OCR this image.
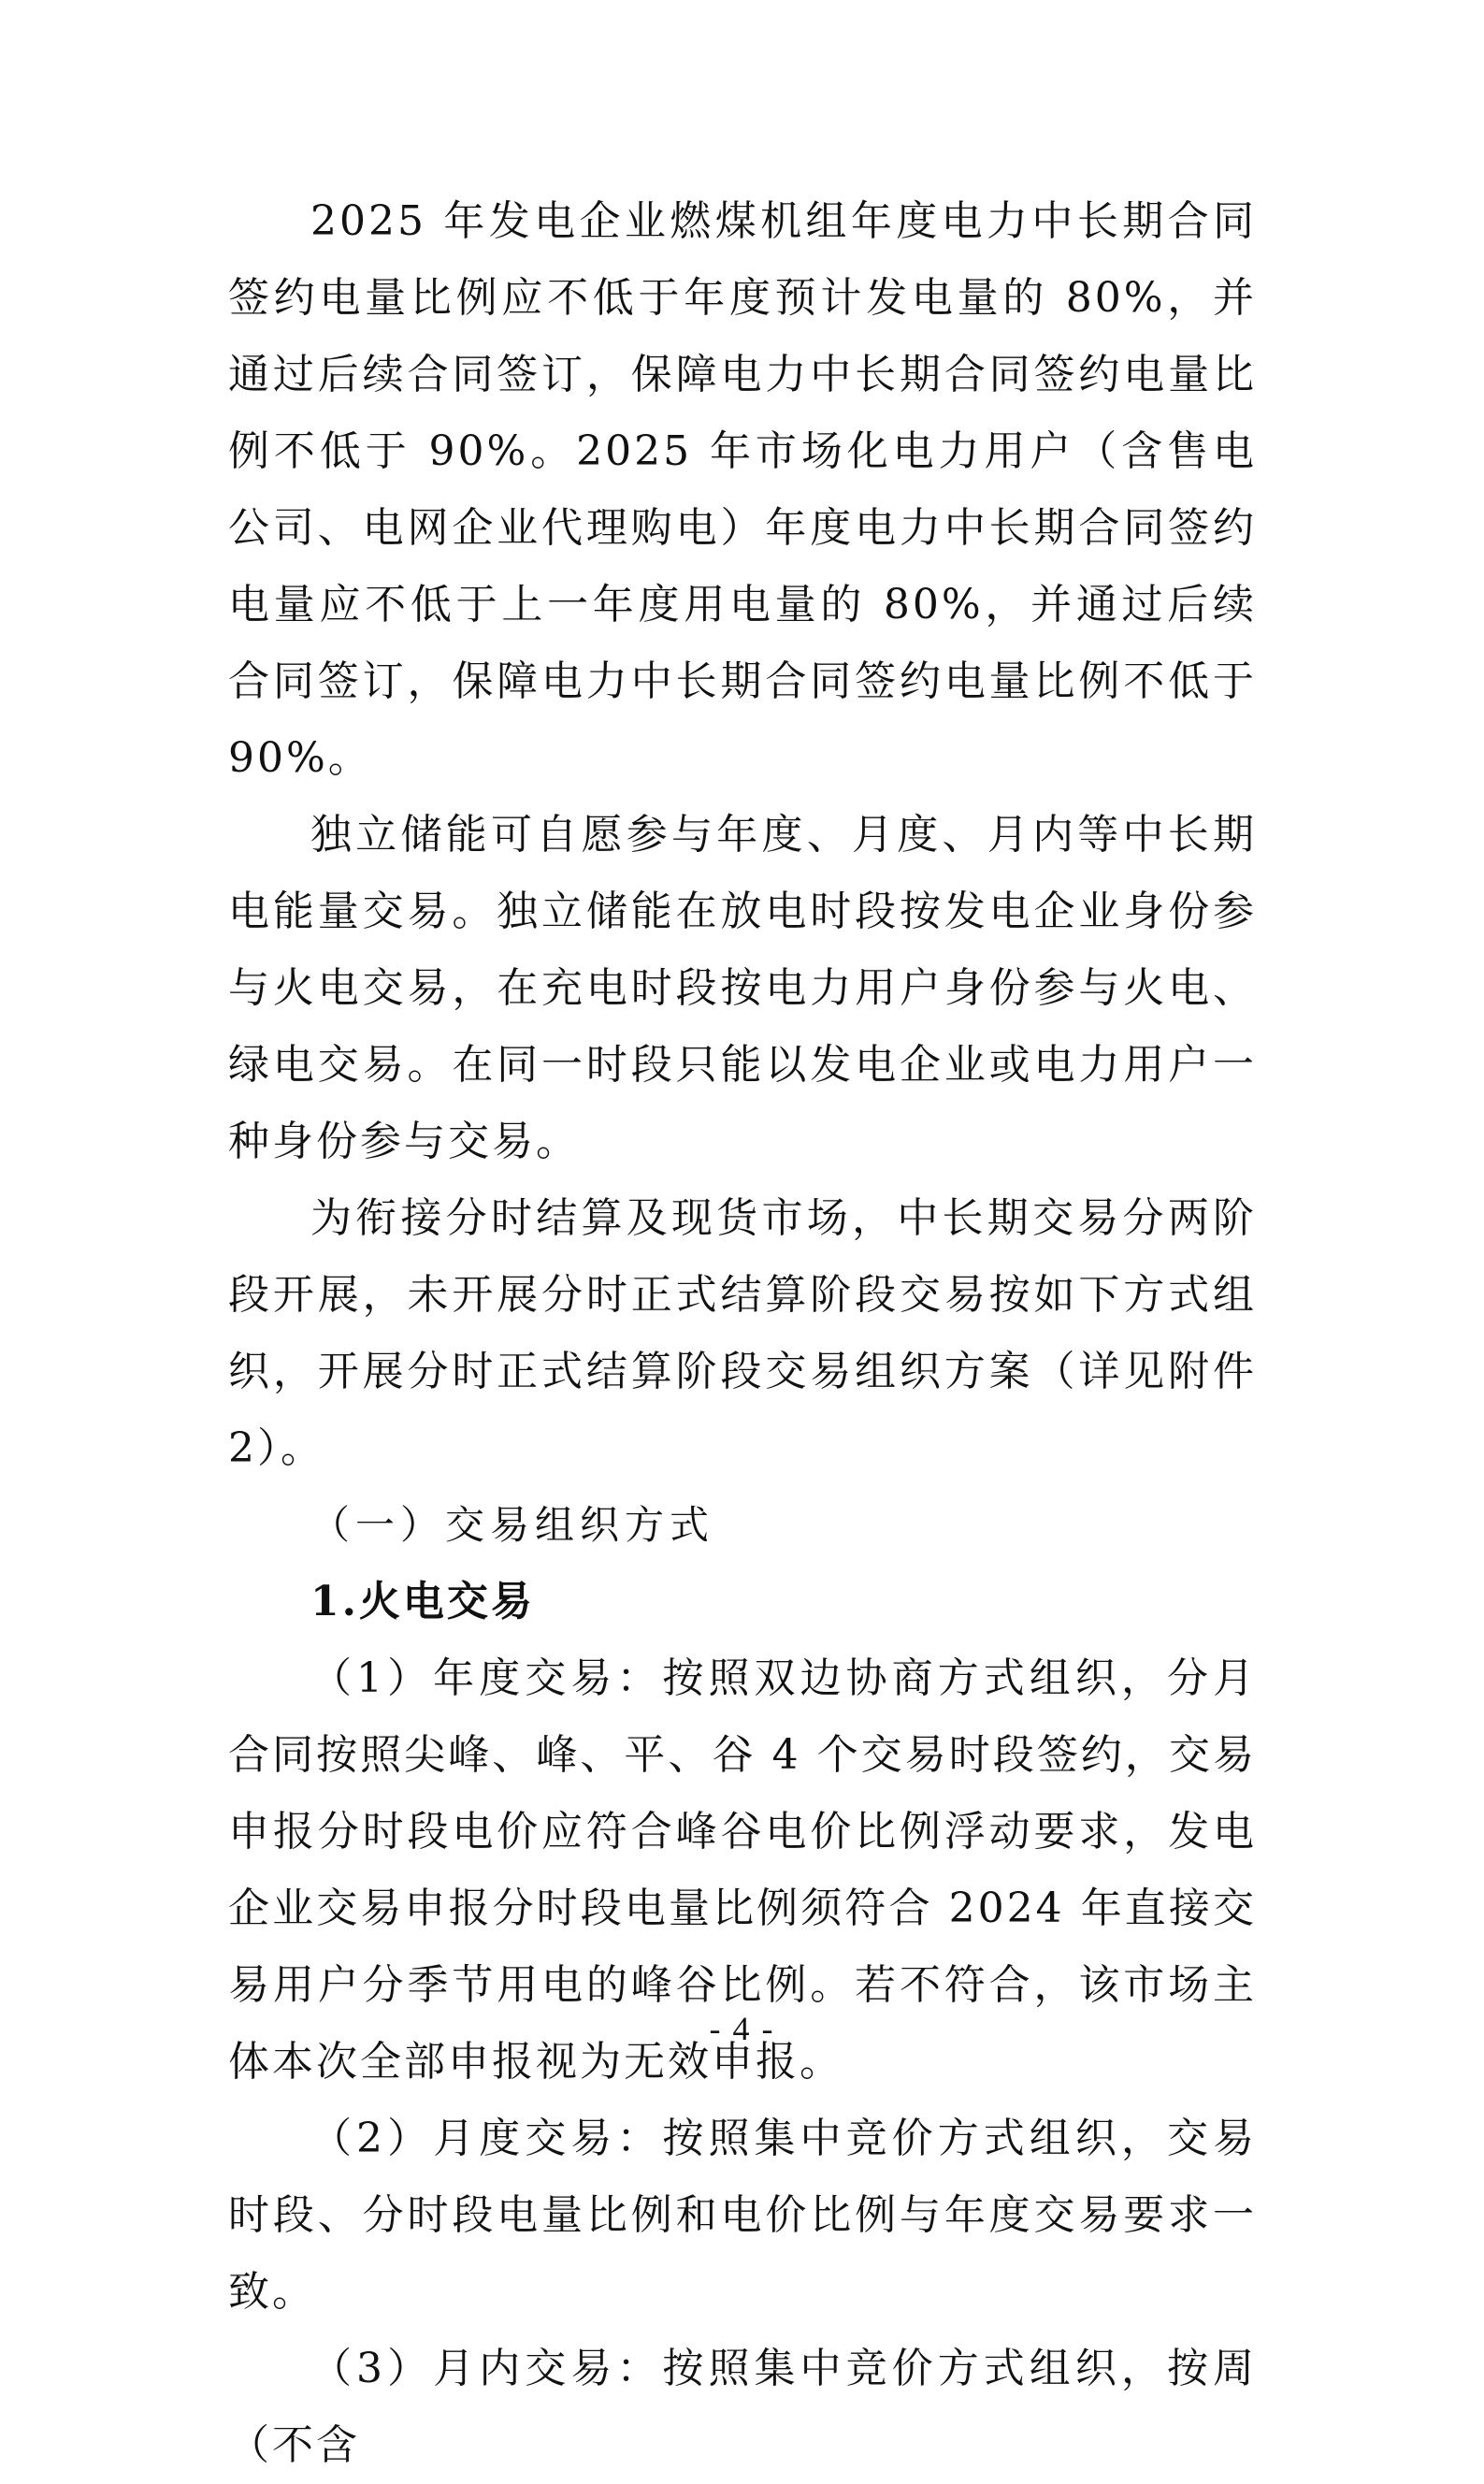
2025 年发电企业燃煤机组年度电力中长期合同签约电量比例应不低于年度预计发电量的 80%，并通过后续合同签订，保障电力中长期合同签约电量比例不低于 90%。2025 年市场化电力用户（含售电公司、电网企业代理购电）年度电力中长期合同签约电量应不低于上一年度用电量的 80%，并通过后续合同签订，保障电力中长期合同签约电量比例不低于 90%。

独立储能可自愿参与年度、月度、月内等中长期电能量交易。独立储能在放电时段按发电企业身份参与火电交易，在充电时段按电力用户身份参与火电、绿电交易。在同一时段只能以发电企业或电力用户一种身份参与交易。

为衔接分时结算及现货市场，中长期交易分两阶段开展，未开展分时正式结算阶段交易按如下方式组织，开展分时正式结算阶段交易组织方案（详见附件 2）。

（一）交易组织方式

1.火电交易

（1）年度交易：按照双边协商方式组织，分月合同按照尖峰、峰、平、谷 4 个交易时段签约，交易申报分时段电价应符合峰谷电价比例浮动要求，发电企业交易申报分时段电量比例须符合 2024 年直接交易用户分季节用电的峰谷比例。若不符合，该市场主体本次全部申报视为无效申报。

（2）月度交易：按照集中竞价方式组织，交易时段、分时段电量比例和电价比例与年度交易要求一致。

（3）月内交易：按照集中竞价方式组织，按周（不含

- 4 -
